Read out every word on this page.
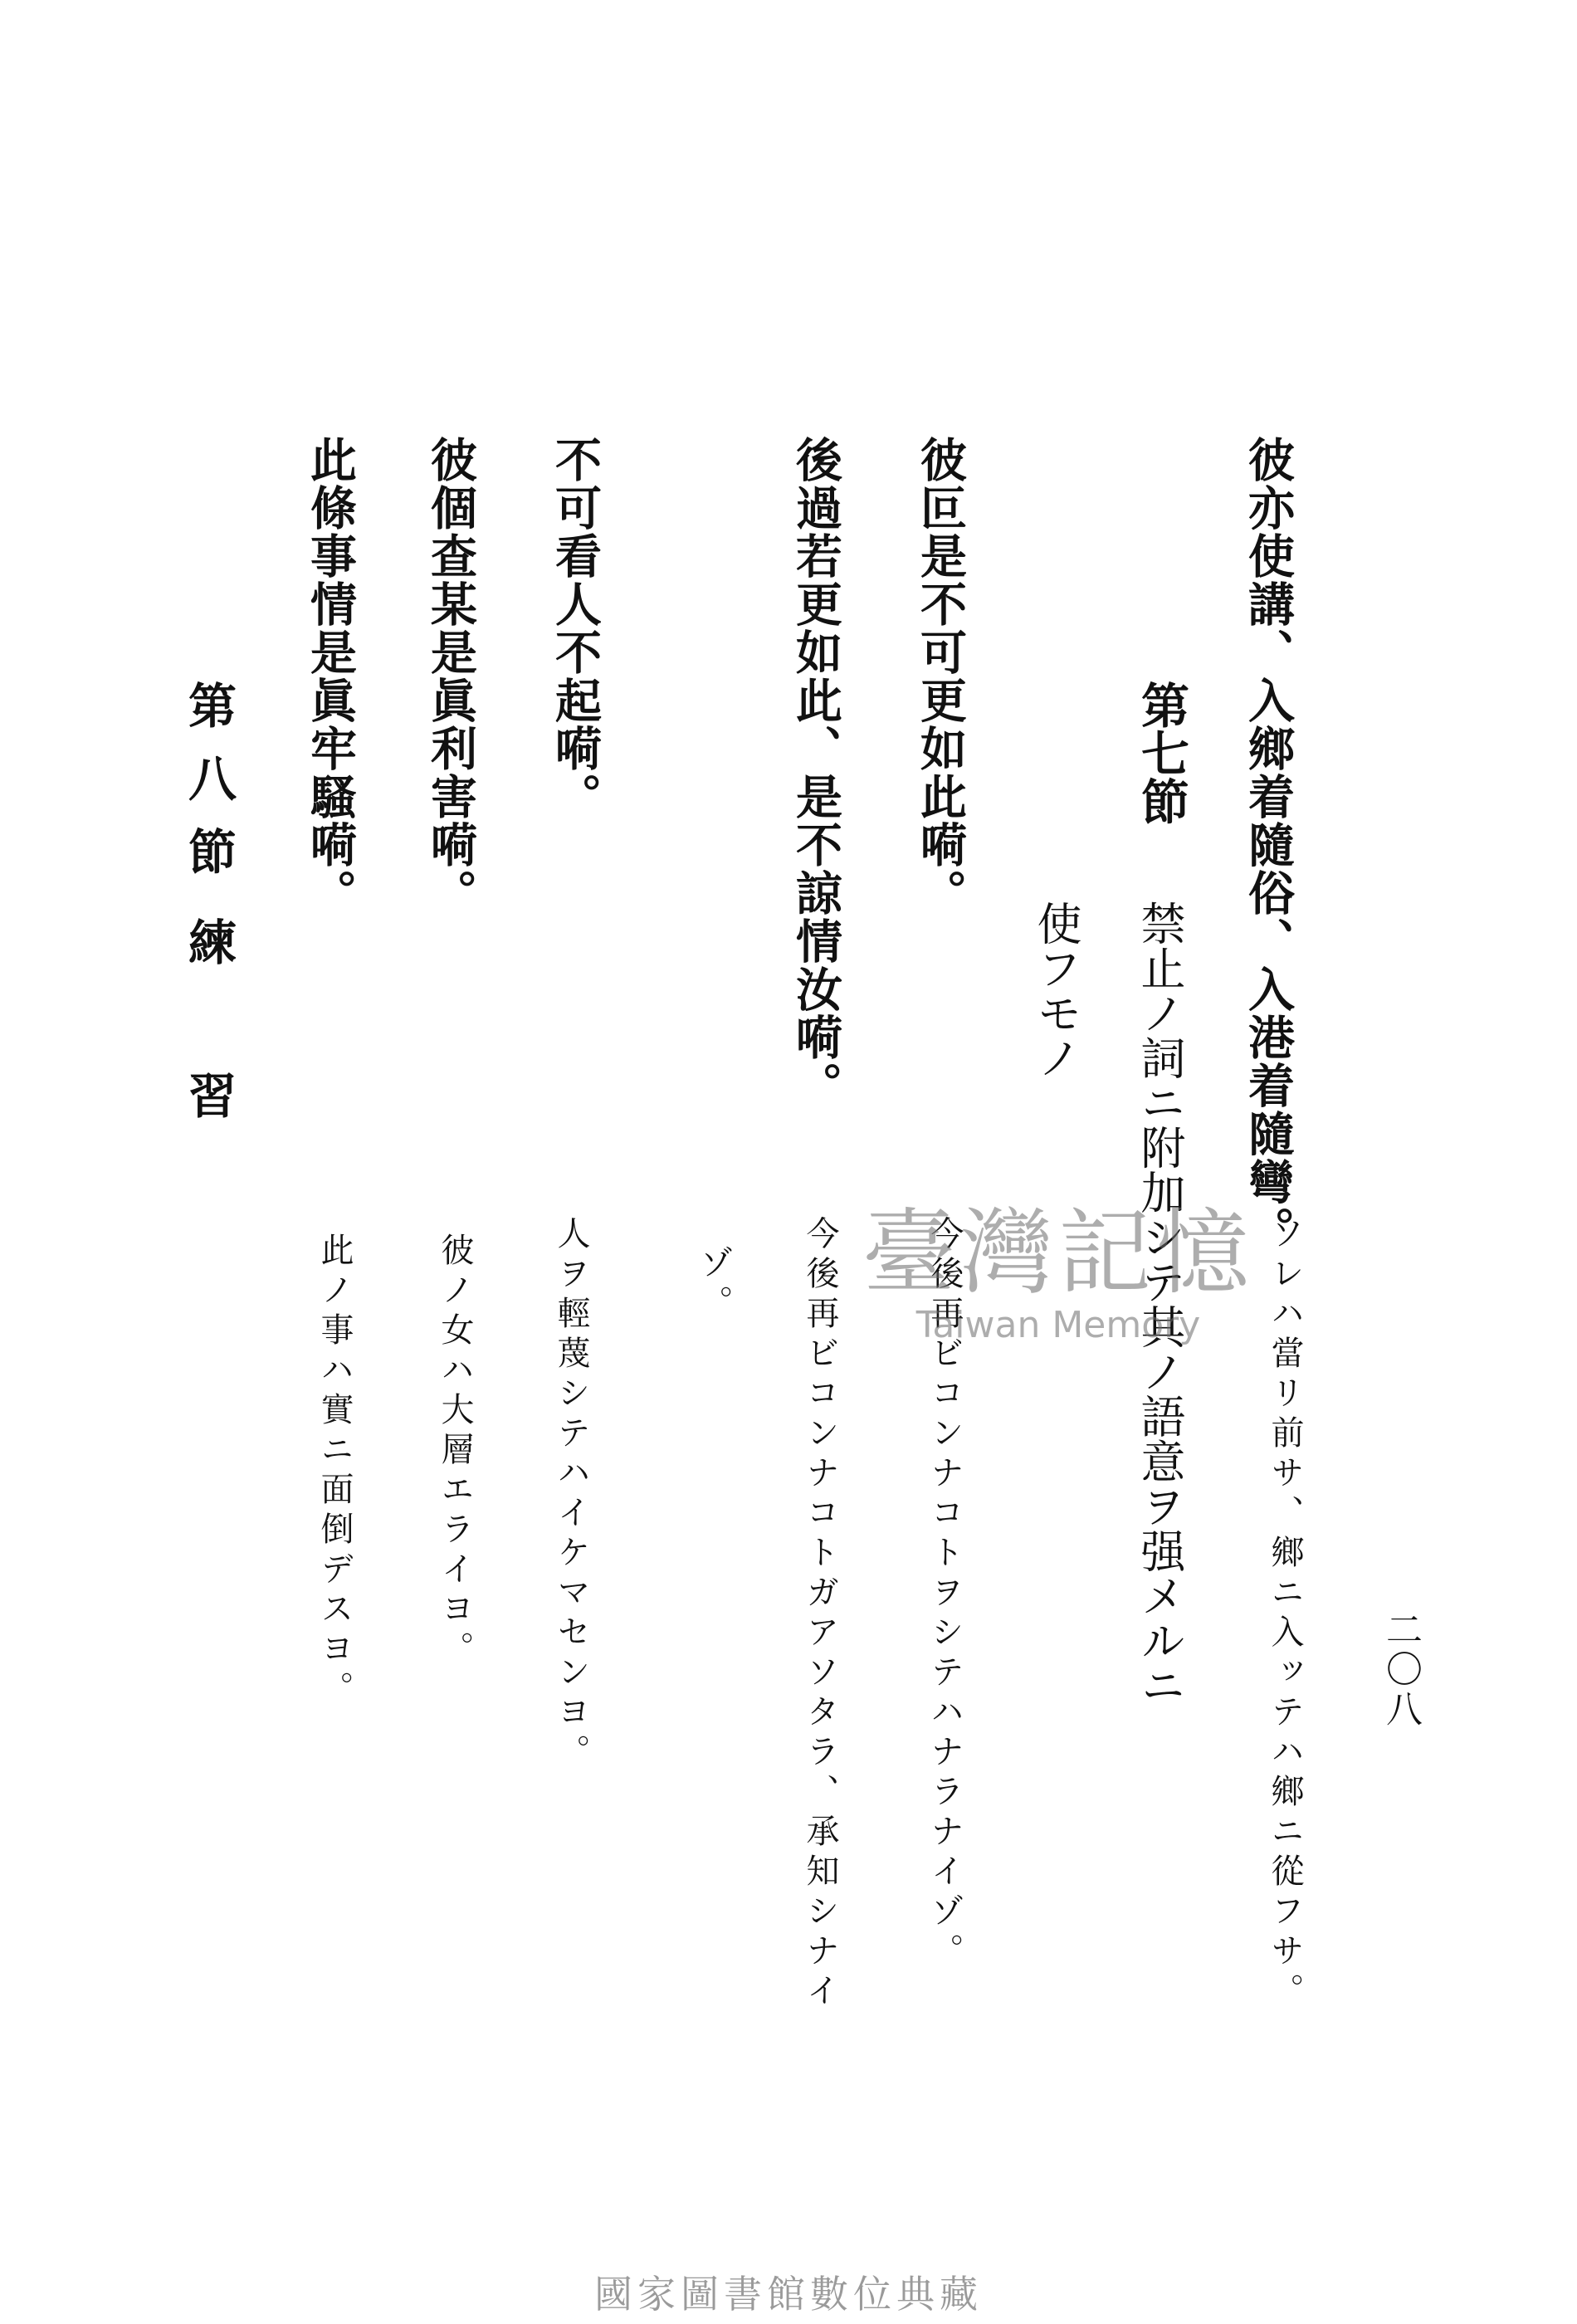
二〇八
彼亦使講、入鄉着隨俗、入港着隨彎。
ソレハ當リ前サ、鄉ニ入ッテハ鄉ニ從フサ。
第七節
禁止ノ詞ニ附加シテ其ノ語意ヲ强メルニ
使フモノ
彼叵是不可更如此嗬。
今後再ビコンナコトヲシテハナラナイゾ。
後過若更如此、是不諒情汝嗬。
今後再ビコンナコトガアソタラ、承知シナイ
ゾ。
不可看人不起嗬。
人ヲ輕蔑シテハイケマセンヨ。
彼個查某是眞利害嗬。
彼ノ女ハ大層エライヨ。
此條事情是眞牢騷嗬。
此ノ事ハ實ニ面倒デスヨ。
第八節
練
習
臺灣記憶
Taiwan Memory
國家圖書館數位典藏
